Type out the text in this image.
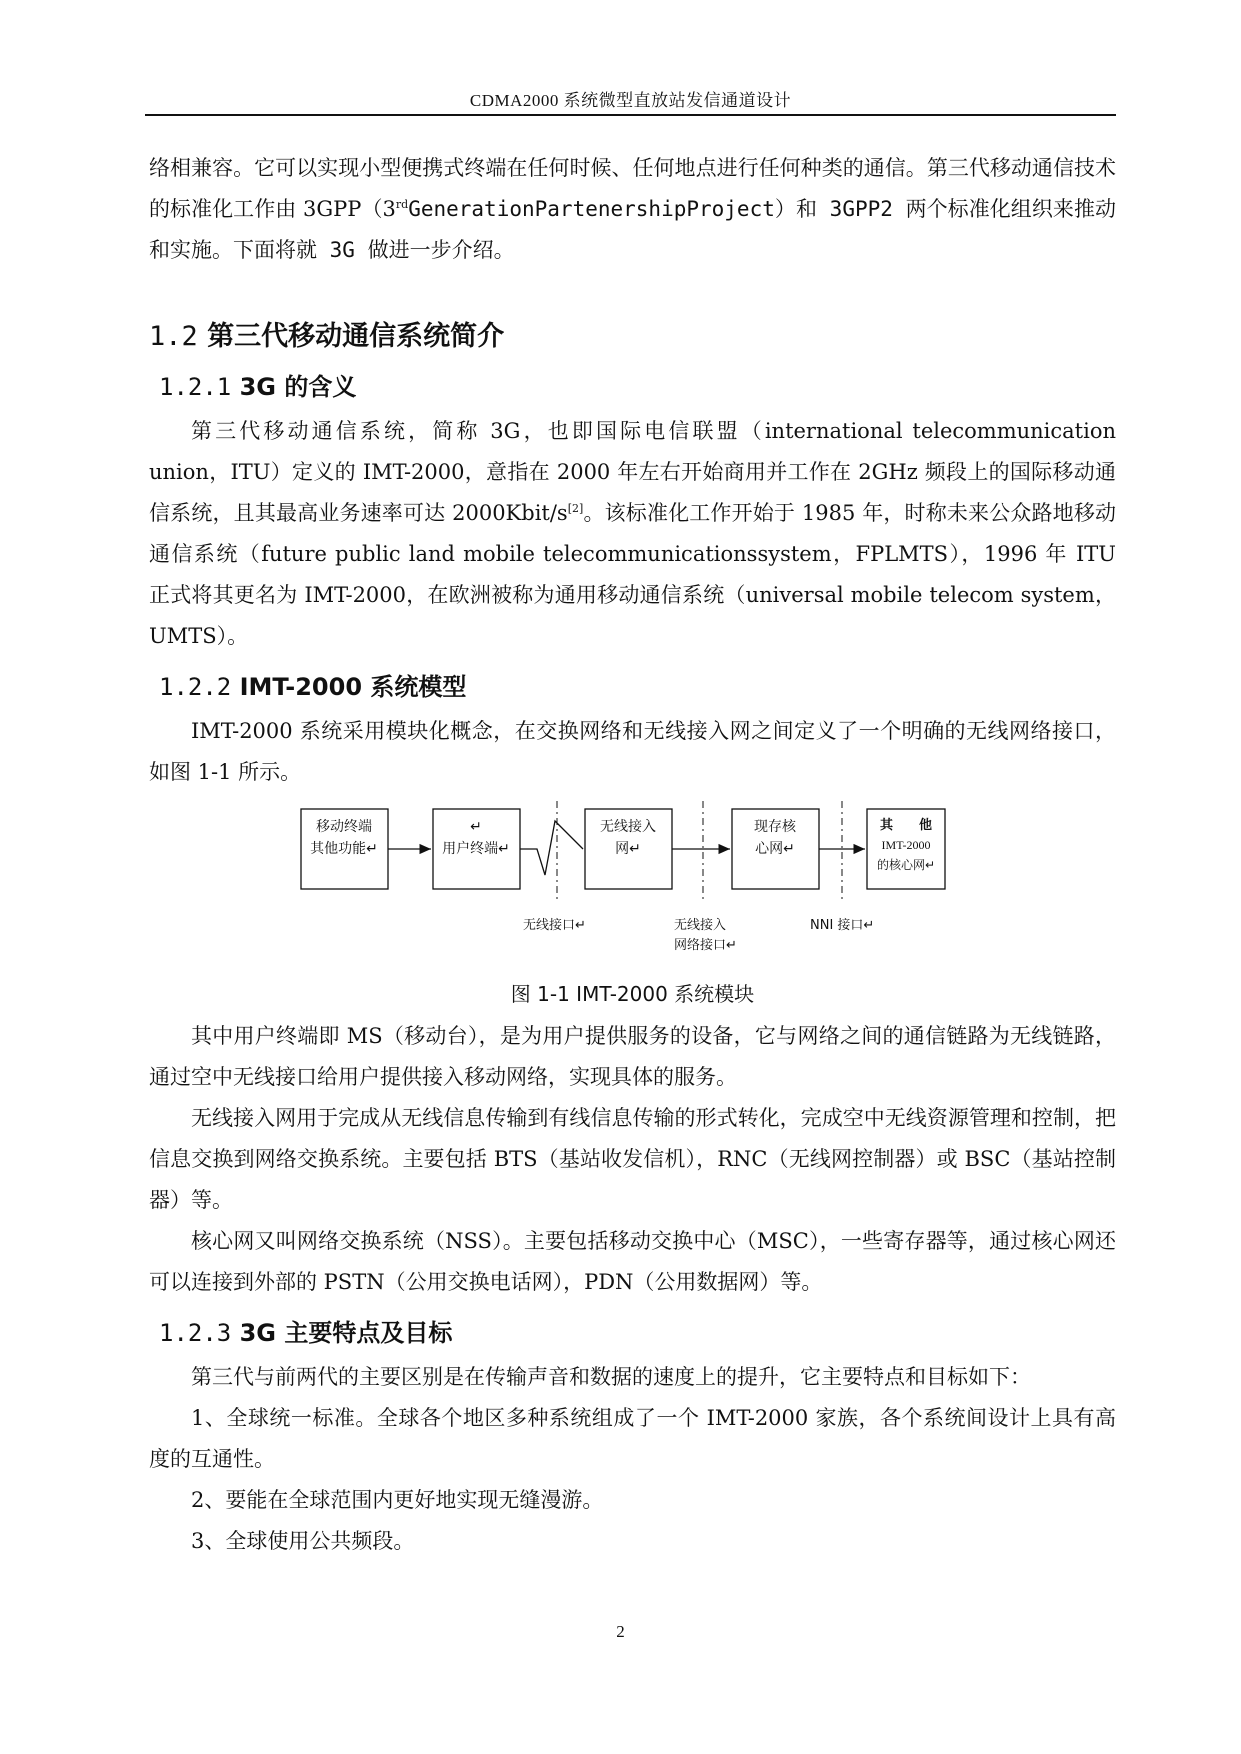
CDMA2000 系统微型直放站发信通道设计

络相兼容。它可以实现小型便携式终端在任何时候、任何地点进行任何种类的通信。第三代移动通信技术的标准化工作由 3GPP（3rdGenerationPartenershipProject）和 3GPP2 两个标准化组织来推动和实施。下面将就 3G 做进一步介绍。

1.2 第三代移动通信系统简介
1.2.1 3G 的含义

第三代移动通信系统，简称 3G，也即国际电信联盟（international telecommunication union，ITU）定义的 IMT-2000，意指在 2000 年左右开始商用并工作在 2GHz 频段上的国际移动通信系统，且其最高业务速率可达 2000Kbit/s[2]。该标准化工作开始于 1985 年，时称未来公众路地移动通信系统（future public land mobile telecommunicationssystem，FPLMTS），1996 年 ITU 正式将其更名为 IMT-2000，在欧洲被称为通用移动通信系统（universal mobile telecom system，UMTS）。

1.2.2 IMT-2000 系统模型

IMT-2000 系统采用模块化概念，在交换网络和无线接入网之间定义了一个明确的无线网络接口，如图 1-1 所示。

移动终端
其他功能↵
↵
用户终端↵
无线接入
网↵
现存核
心网↵
其　　他
IMT-2000
的核心网↵
无线接口↵	无线接入
网络接口↵
NNI 接口↵
图 1-1 IMT-2000 系统模块

其中用户终端即 MS（移动台），是为用户提供服务的设备，它与网络之间的通信链路为无线链路，通过空中无线接口给用户提供接入移动网络，实现具体的服务。

无线接入网用于完成从无线信息传输到有线信息传输的形式转化，完成空中无线资源管理和控制，把信息交换到网络交换系统。主要包括 BTS（基站收发信机），RNC（无线网控制器）或 BSC（基站控制器）等。

核心网又叫网络交换系统（NSS）。主要包括移动交换中心（MSC），一些寄存器等，通过核心网还可以连接到外部的 PSTN（公用交换电话网），PDN（公用数据网）等。

1.2.3 3G 主要特点及目标

第三代与前两代的主要区别是在传输声音和数据的速度上的提升，它主要特点和目标如下：

1、全球统一标准。全球各个地区多种系统组成了一个 IMT-2000 家族，各个系统间设计上具有高度的互通性。

2、要能在全球范围内更好地实现无缝漫游。

3、全球使用公共频段。

2
